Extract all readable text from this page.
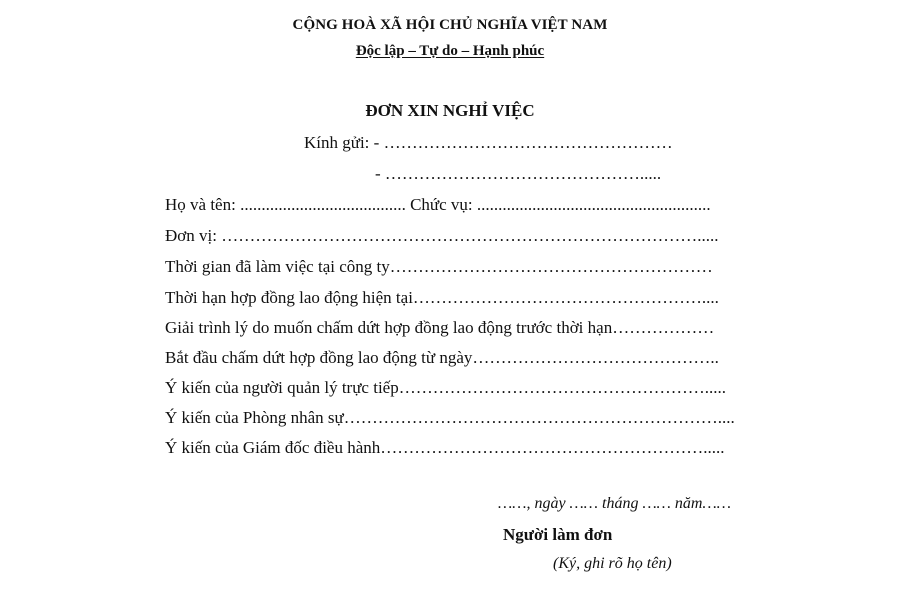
CỘNG HOÀ XÃ HỘI CHỦ NGHĨA VIỆT NAM
Độc lập – Tự do – Hạnh phúc
ĐƠN XIN NGHỈ VIỆC
Kính gửi: - ……………………………………………
- ……………………………………….....
Họ và tên: ....................................... Chức vụ: .......................................................
Đơn vị: ………………………………………………………………………….....
Thời gian đã làm việc tại công ty…………………………………………………
Thời hạn hợp đồng lao động hiện tại……………………………………………....
Giải trình lý do muốn chấm dứt hợp đồng lao động trước thời hạn………………
Bắt đầu chấm dứt hợp đồng lao động từ ngày……………………………………..
Ý kiến của người quản lý trực tiếp……………………………………………….....
Ý kiến của Phòng nhân sự…………………………………………………………....
Ý kiến của Giám đốc điều hành………………………………………………….....
……, ngày …… tháng …… năm……
Người làm đơn
(Ký, ghi rõ họ tên)
